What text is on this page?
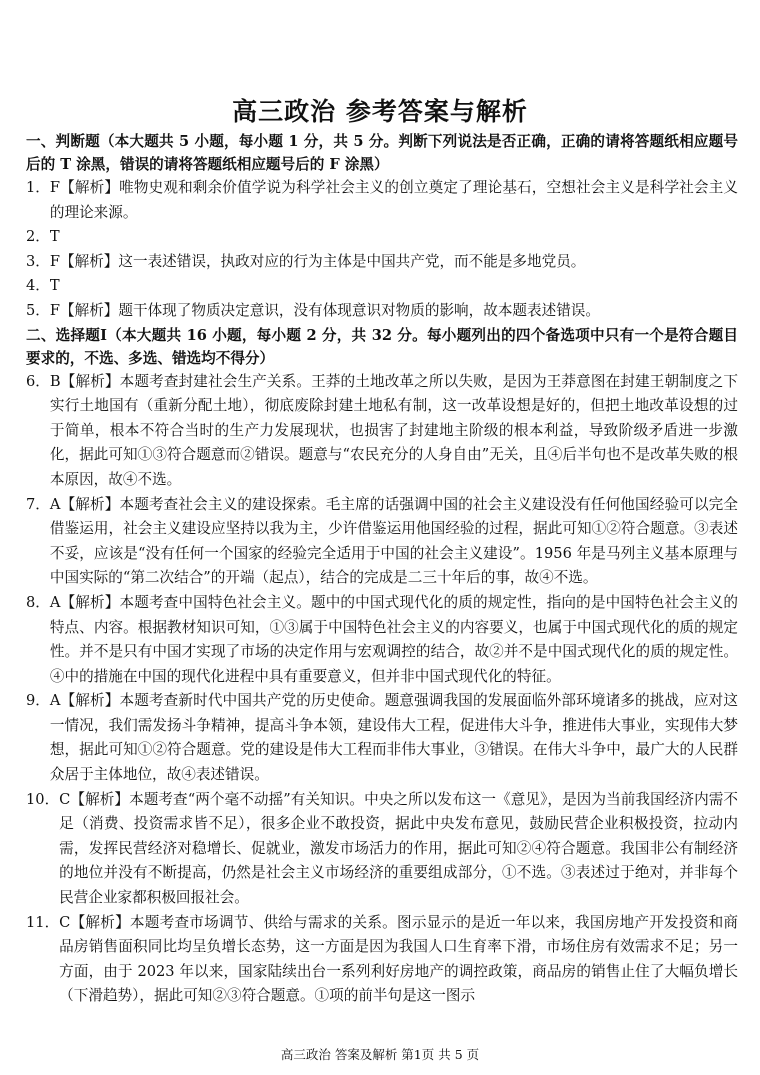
高三政治 参考答案与解析
一、判断题（本大题共 5 小题，每小题 1 分，共 5 分。判断下列说法是否正确，正确的请将答题纸相应题号后的 T 涂黑，错误的请将答题纸相应题号后的 F 涂黑）
1． F【解析】唯物史观和剩余价值学说为科学社会主义的创立奠定了理论基石，空想社会主义是科学社会主义的理论来源。
2． T
3． F【解析】这一表述错误，执政对应的行为主体是中国共产党，而不能是多地党员。
4． T
5． F【解析】题干体现了物质决定意识，没有体现意识对物质的影响，故本题表述错误。
二、选择题Ⅰ（本大题共 16 小题，每小题 2 分，共 32 分。每小题列出的四个备选项中只有一个是符合题目要求的，不选、多选、错选均不得分）
6． B【解析】本题考查封建社会生产关系。王莽的土地改革之所以失败，是因为王莽意图在封建王朝制度之下实行土地国有（重新分配土地），彻底废除封建土地私有制，这一改革设想是好的，但把土地改革设想的过于简单，根本不符合当时的生产力发展现状，也损害了封建地主阶级的根本利益，导致阶级矛盾进一步激化，据此可知①③符合题意而②错误。题意与“农民充分的人身自由”无关，且④后半句也不是改革失败的根本原因，故④不选。
7． A【解析】本题考查社会主义的建设探索。毛主席的话强调中国的社会主义建设没有任何他国经验可以完全借鉴运用，社会主义建设应坚持以我为主，少许借鉴运用他国经验的过程，据此可知①②符合题意。③表述不妥，应该是“没有任何一个国家的经验完全适用于中国的社会主义建设”。1956 年是马列主义基本原理与中国实际的“第二次结合”的开端（起点），结合的完成是二三十年后的事，故④不选。
8． A【解析】本题考查中国特色社会主义。题中的中国式现代化的质的规定性，指向的是中国特色社会主义的特点、内容。根据教材知识可知，①③属于中国特色社会主义的内容要义，也属于中国式现代化的质的规定性。并不是只有中国才实现了市场的决定作用与宏观调控的结合，故②并不是中国式现代化的质的规定性。④中的措施在中国的现代化进程中具有重要意义，但并非中国式现代化的特征。
9． A【解析】本题考查新时代中国共产党的历史使命。题意强调我国的发展面临外部环境诸多的挑战，应对这一情况，我们需发扬斗争精神，提高斗争本领，建设伟大工程，促进伟大斗争，推进伟大事业，实现伟大梦想，据此可知①②符合题意。党的建设是伟大工程而非伟大事业，③错误。在伟大斗争中，最广大的人民群众居于主体地位，故④表述错误。
10． C【解析】本题考查“两个毫不动摇”有关知识。中央之所以发布这一《意见》，是因为当前我国经济内需不足（消费、投资需求皆不足），很多企业不敢投资，据此中央发布意见，鼓励民营企业积极投资，拉动内需，发挥民营经济对稳增长、促就业，激发市场活力的作用，据此可知②④符合题意。我国非公有制经济的地位并没有不断提高，仍然是社会主义市场经济的重要组成部分，①不选。③表述过于绝对，并非每个民营企业家都积极回报社会。
11． C【解析】本题考查市场调节、供给与需求的关系。图示显示的是近一年以来，我国房地产开发投资和商品房销售面积同比均呈负增长态势，这一方面是因为我国人口生育率下滑，市场住房有效需求不足；另一方面，由于 2023 年以来，国家陆续出台一系列利好房地产的调控政策，商品房的销售止住了大幅负增长（下滑趋势），据此可知②③符合题意。①项的前半句是这一图示
高三政治 答案及解析 第1页 共 5 页
